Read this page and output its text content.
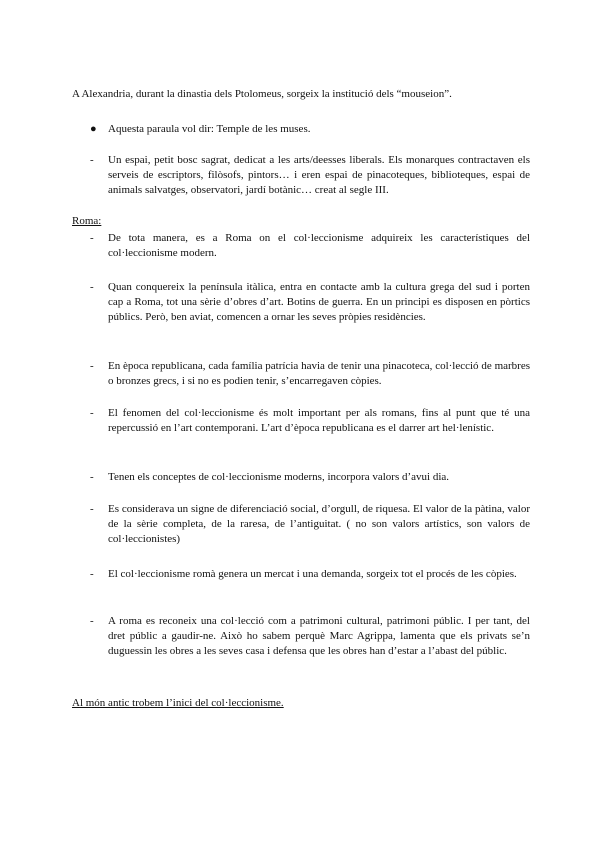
A Alexandria, durant la dinastia dels Ptolomeus, sorgeix la institució dels “mouseion”.

● Aquesta paraula vol dir: Temple de les muses.

- Un espai, petit bosc sagrat, dedicat a les arts/deesses liberals. Els monarques contractaven els serveis de escriptors, filòsofs, pintors… i eren espai de pinacoteques, biblioteques, espai de animals salvatges, observatori, jardí botànic… creat al segle III.

Roma:

- De tota manera, es a Roma on el col·leccionisme adquireix les característiques del col·leccionisme modern.

- Quan conquereix la península itàlica, entra en contacte amb la cultura grega del sud i porten cap a Roma, tot una sèrie d’obres d’art. Botins de guerra. En un principi es disposen en pòrtics públics. Però, ben aviat, comencen a ornar les seves pròpies residències.

- En època republicana, cada família patrícia havia de tenir una pinacoteca, col·lecció de marbres o bronzes grecs, i si no es podien tenir, s’encarregaven còpies.

- El fenomen del col·leccionisme és molt important per als romans, fins al punt que té una repercussió en l’art contemporani. L’art d’època republicana es el darrer art hel·lenístic.

- Tenen els conceptes de col·leccionisme moderns, incorpora valors d’avui dia.

- Es considerava un signe de diferenciació social, d’orgull, de riquesa. El valor de la pàtina, valor de la sèrie completa, de la raresa, de l’antiguitat. ( no son valors artístics, son valors de col·leccionistes)

- El col·leccionisme romà genera un mercat i una demanda, sorgeix tot el procés de les còpies.

- A roma es reconeix una col·lecció com a patrimoni cultural, patrimoni públic. I per tant, del dret públic a gaudir-ne. Això ho sabem perquè Marc Agrippa, lamenta que els privats se’n duguessin les obres a les seves casa i defensa que les obres han d’estar a l’abast del públic.

Al món antic trobem l’inici del col·leccionisme.
